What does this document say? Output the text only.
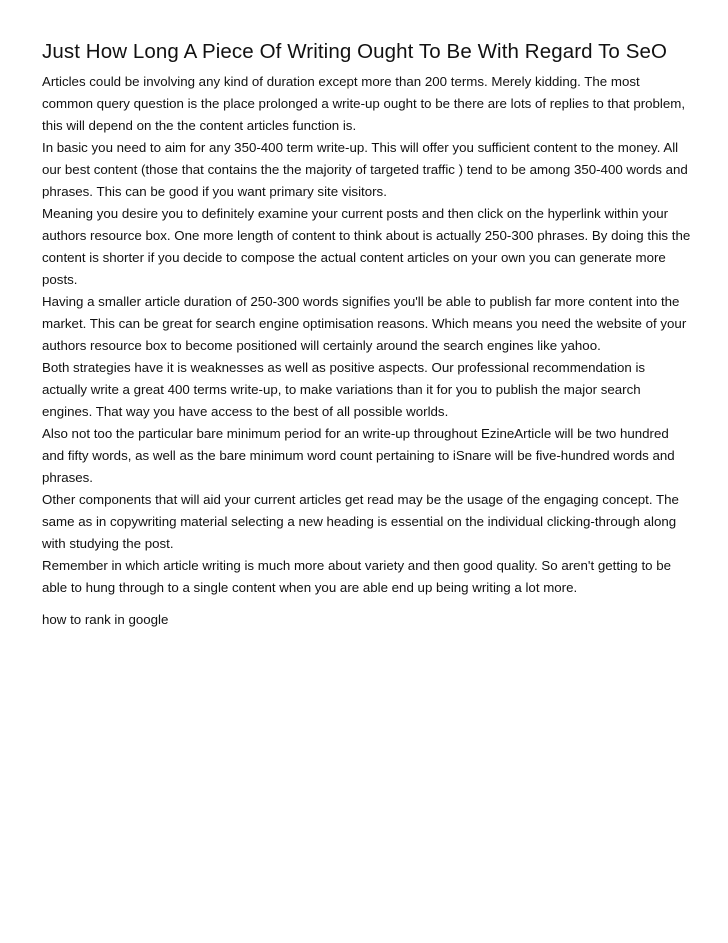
Just How Long A Piece Of Writing Ought To Be With Regard To SeO

Articles could be involving any kind of duration except more than 200 terms. Merely kidding. The most common query question is the place prolonged a write-up ought to be there are lots of replies to that problem, this will depend on the the content articles function is.

In basic you need to aim for any 350-400 term write-up. This will offer you sufficient content to the money. All our best content (those that contains the the majority of targeted traffic ) tend to be among 350-400 words and phrases. This can be good if you want primary site visitors.

Meaning you desire you to definitely examine your current posts and then click on the hyperlink within your authors resource box. One more length of content to think about is actually 250-300 phrases. By doing this the content is shorter if you decide to compose the actual content articles on your own you can generate more posts.

Having a smaller article duration of 250-300 words signifies you'll be able to publish far more content into the market. This can be great for search engine optimisation reasons. Which means you need the website of your authors resource box to become positioned will certainly around the search engines like yahoo.

Both strategies have it is weaknesses as well as positive aspects. Our professional recommendation is actually write a great 400 terms write-up, to make variations than it for you to publish the major search engines. That way you have access to the best of all possible worlds.

Also not too the particular bare minimum period for an write-up throughout EzineArticle will be two hundred and fifty words, as well as the bare minimum word count pertaining to iSnare will be five-hundred words and phrases.

Other components that will aid your current articles get read may be the usage of the engaging concept. The same as in copywriting material selecting a new heading is essential on the individual clicking-through along with studying the post.

Remember in which article writing is much more about variety and then good quality. So aren't getting to be able to hung through to a single content when you are able end up being writing a lot more.

how to rank in google
